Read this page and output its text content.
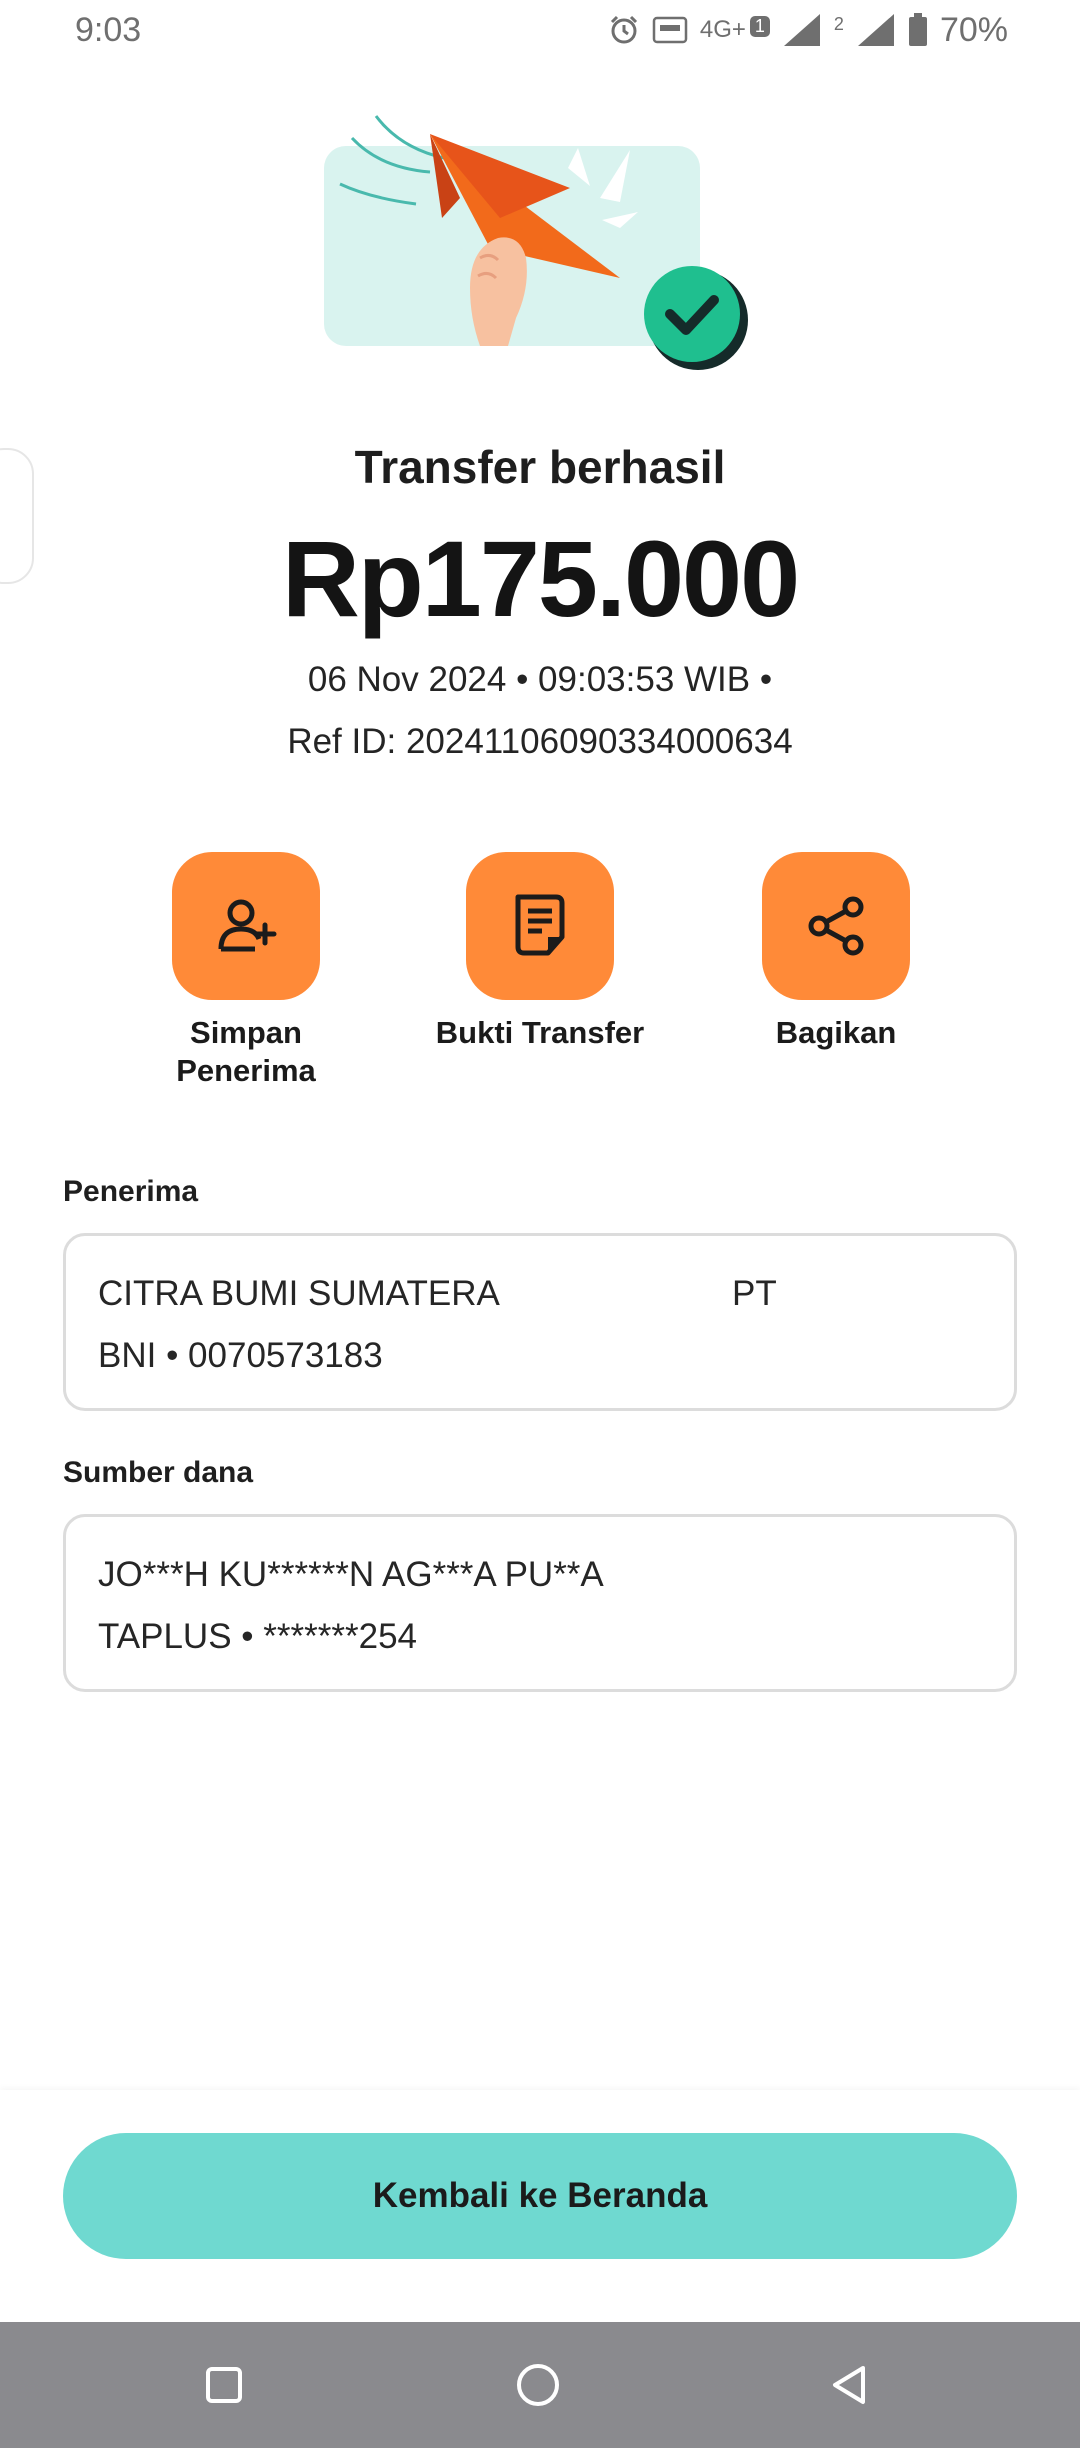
9:03	4G+ 1	2	70%
Transfer berhasil
Rp175.000
06 Nov 2024 • 09:03:53 WIB •
Ref ID: 20241106090334000634
Simpan
Penerima
Bukti Transfer	Bagikan
Penerima
CITRA BUMI SUMATERA	PT
BNI • 0070573183
Sumber dana
JO***H KU******N AG***A PU**A
TAPLUS • *******254
Kembali ke Beranda
